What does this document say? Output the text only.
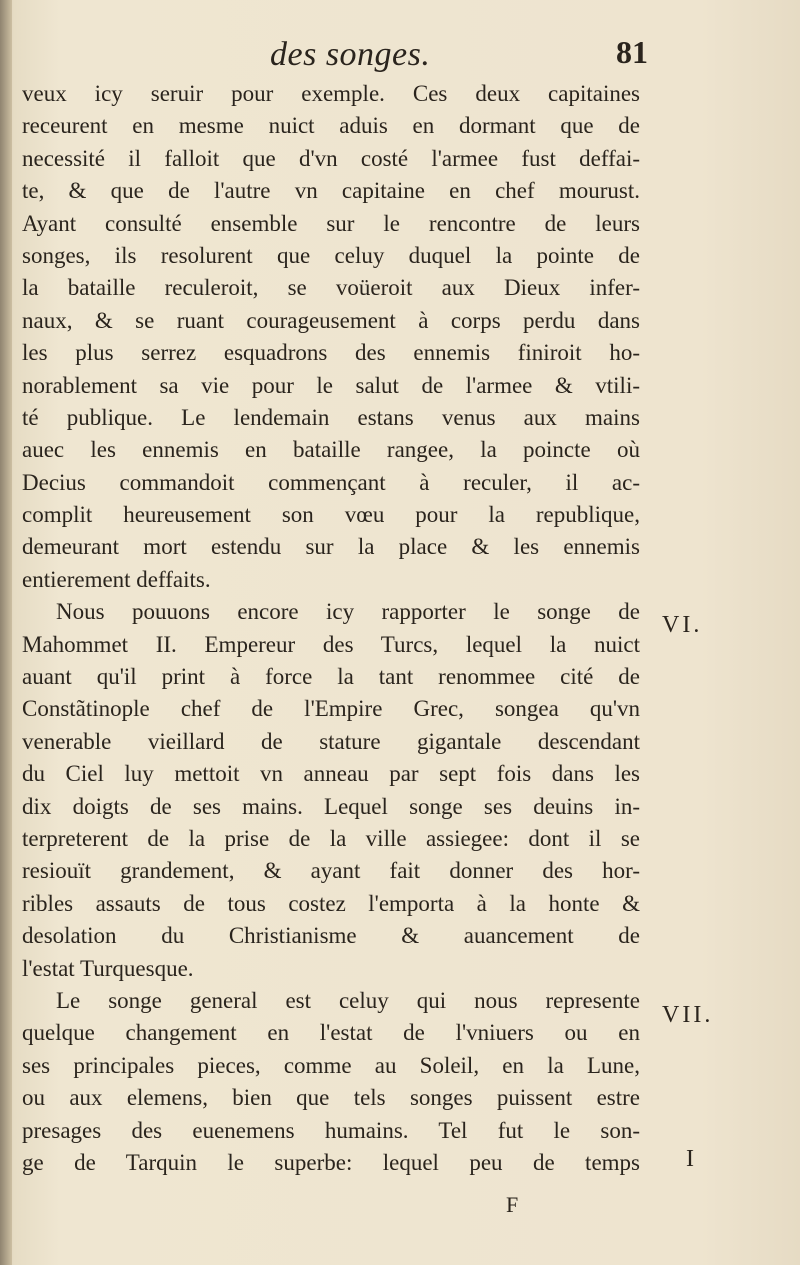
des songes.	81
veux icy seruir pour exemple. Ces deux capitaines
receurent en mesme nuict aduis en dormant que de
necessité il falloit que d'vn costé l'armee fust deffai-
te, & que de l'autre vn capitaine en chef mourust.
Ayant consulté ensemble sur le rencontre de leurs
songes, ils resolurent que celuy duquel la pointe de
la bataille reculeroit, se voüeroit aux Dieux infer-
naux, & se ruant courageusement à corps perdu dans
les plus serrez esquadrons des ennemis finiroit ho-
norablement sa vie pour le salut de l'armee & vtili-
té publique. Le lendemain estans venus aux mains
auec les ennemis en bataille rangee, la poincte où
Decius commandoit commençant à reculer, il ac-
complit heureusement son vœu pour la republique,
demeurant mort estendu sur la place & les ennemis
entierement deffaits.
Nous pouuons encore icy rapporter le songe de
Mahommet II. Empereur des Turcs, lequel la nuict
auant qu'il print à force la tant renommee cité de
Constãtinople chef de l'Empire Grec, songea qu'vn
venerable vieillard de stature gigantale descendant
du Ciel luy mettoit vn anneau par sept fois dans les
dix doigts de ses mains. Lequel songe ses deuins in-
terpreterent de la prise de la ville assiegee: dont il se
resiouït grandement, & ayant fait donner des hor-
ribles assauts de tous costez l'emporta à la honte &
desolation du Christianisme & auancement de
l'estat Turquesque.
Le songe general est celuy qui nous represente
quelque changement en l'estat de l'vniuers ou en
ses principales pieces, comme au Soleil, en la Lune,
ou aux elemens, bien que tels songes puissent estre
presages des euenemens humains. Tel fut le son-
ge de Tarquin le superbe: lequel peu de temps
VI.
VII.
I
F
